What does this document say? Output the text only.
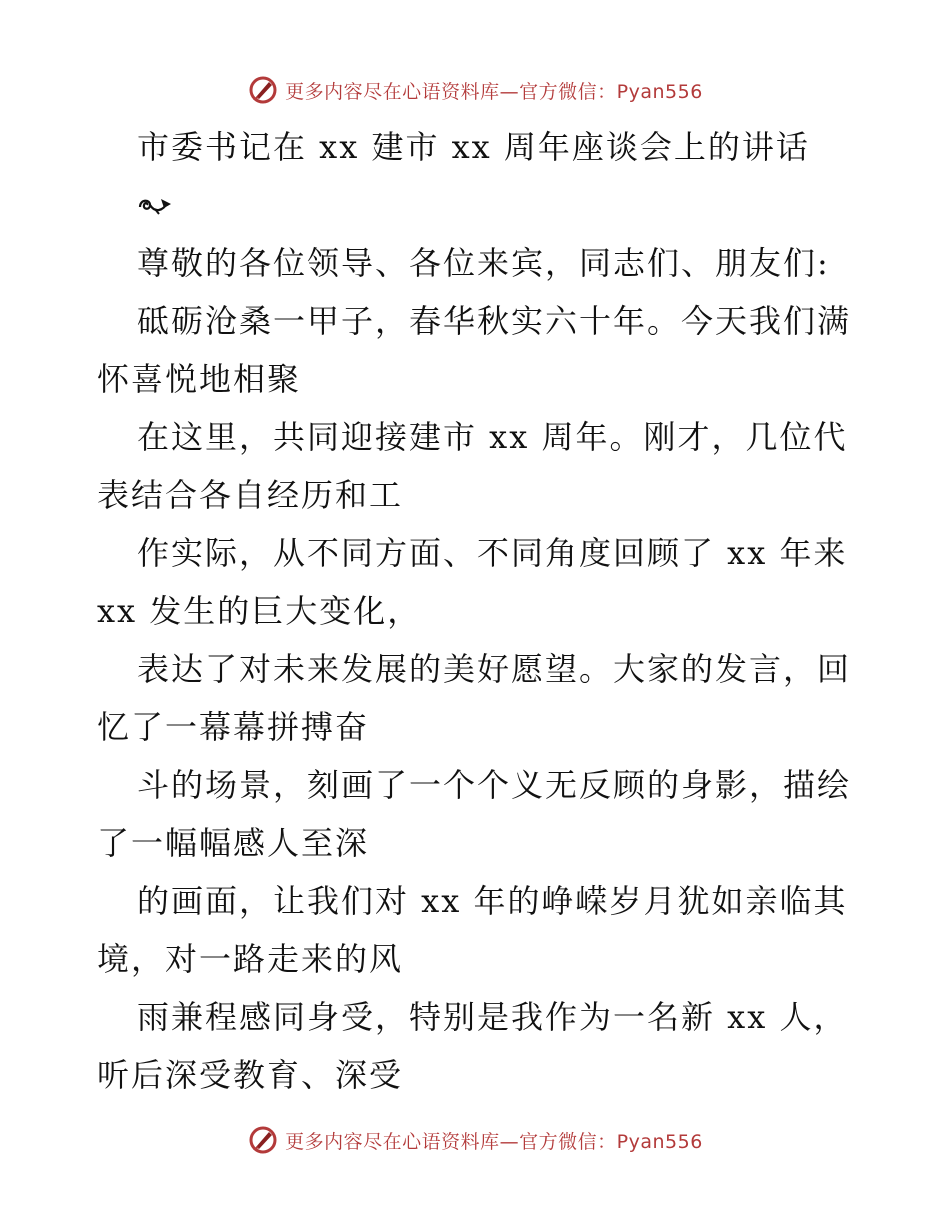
更多内容尽在心语资料库—官方微信：Pyan556
市委书记在 xx 建市 xx 周年座谈会上的讲话
尊敬的各位领导、各位来宾，同志们、朋友们:
砥砺沧桑一甲子，春华秋实六十年。今天我们满
怀喜悦地相聚
在这里，共同迎接建市 xx 周年。刚才，几位代
表结合各自经历和工
作实际，从不同方面、不同角度回顾了 xx 年来
xx 发生的巨大变化，
表达了对未来发展的美好愿望。大家的发言，回
忆了一幕幕拼搏奋
斗的场景，刻画了一个个义无反顾的身影，描绘
了一幅幅感人至深
的画面，让我们对 xx 年的峥嵘岁月犹如亲临其
境，对一路走来的风
雨兼程感同身受，特别是我作为一名新 xx 人，
听后深受教育、深受
更多内容尽在心语资料库—官方微信：Pyan556
